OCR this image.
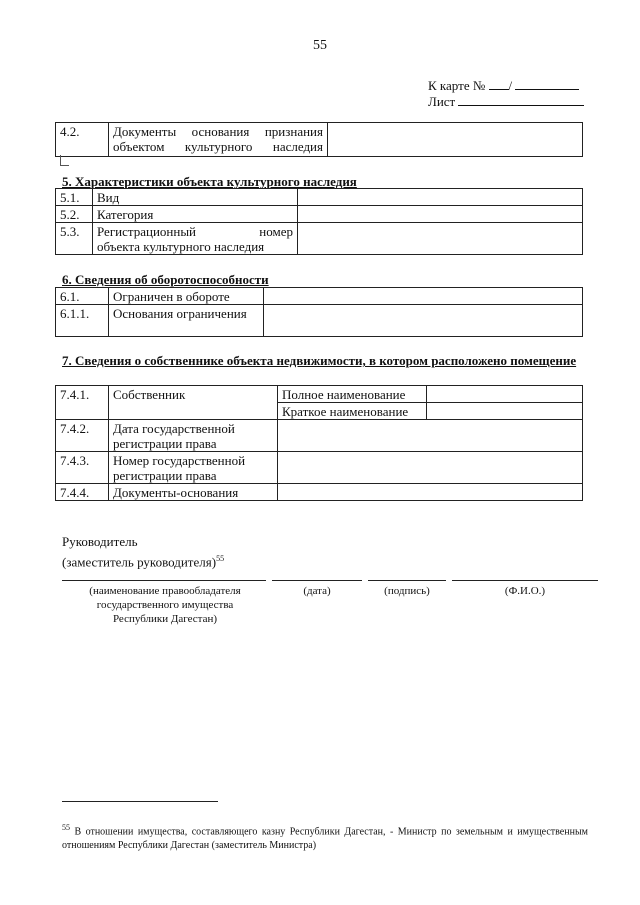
55
К карте № /
Лист
4.2.	Документы основания признания объектом культурного наследия	
5. Характеристики объекта культурного наследия
5.1.	Вид	
5.2.	Категория	
5.3.	Регистрационный номер
объекта культурного наследия	

6. Сведения об оборотоспособности
6.1.	Ограничен в обороте	
6.1.1.	Основания ограничения	
7. Сведения о собственнике объекта недвижимости, в котором расположено помещение
7.4.1.	Собственник	Полное наименование	
		Краткое наименование	
7.4.2.	Дата государственной регистрации права		
7.4.3.	Номер государственной регистрации права		
7.4.4.	Документы-основания		
Руководитель
(заместитель руководителя)$^{55}$
(наименование правообладателя государственного имущества Республики Дагестан)
(дата)	(подпись)	(Ф.И.О.)
$^{55}$ В отношении имущества, составляющего казну Республики Дагестан, - Министр по земельным и имущественным отношениям Республики Дагестан (заместитель Министра)
